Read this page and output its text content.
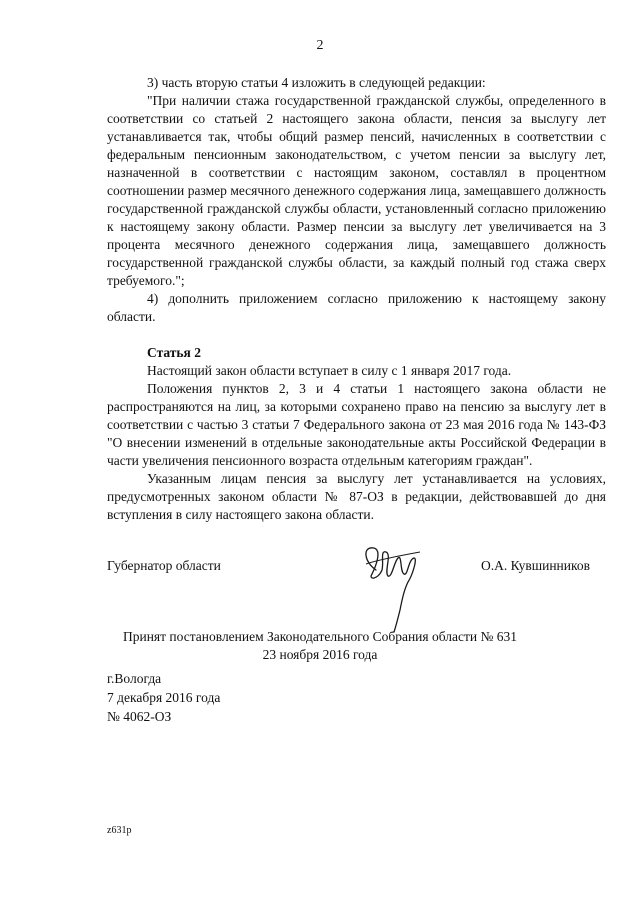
2

3) часть вторую статьи 4 изложить в следующей редакции:

"При наличии стажа государственной гражданской службы, определенного в соответствии со статьей 2 настоящего закона области, пенсия за выслугу лет устанавливается так, чтобы общий размер пенсий, начисленных в соответствии с федеральным пенсионным законодательством, с учетом пенсии за выслугу лет, назначенной в соответствии с настоящим законом, составлял в процентном соотношении размер месячного денежного содержания лица, замещавшего должность государственной гражданской службы области, установленный согласно приложению к настоящему закону области. Размер пенсии за выслугу лет увеличивается на 3 процента месячного денежного содержания лица, замещавшего должность государственной гражданской службы области, за каждый полный год стажа сверх требуемого.";

4) дополнить приложением согласно приложению к настоящему закону области.

Статья 2

Настоящий закон области вступает в силу с 1 января 2017 года.

Положения пунктов 2, 3 и 4 статьи 1 настоящего закона области не распространяются на лиц, за которыми сохранено право на пенсию за выслугу лет в соответствии с частью 3 статьи 7 Федерального закона от 23 мая 2016 года № 143-ФЗ "О внесении изменений в отдельные законодательные акты Российской Федерации в части увеличения пенсионного возраста отдельным категориям граждан".

Указанным лицам пенсия за выслугу лет устанавливается на условиях, предусмотренных законом области № 87-ОЗ в редакции, действовавшей до дня вступления в силу настоящего закона области.

Губернатор области	О.А. Кувшинников
Принят постановлением Законодательного Собрания области № 631
23 ноября 2016 года
г.Вологда
7 декабря 2016 года
№ 4062-ОЗ
z631p
